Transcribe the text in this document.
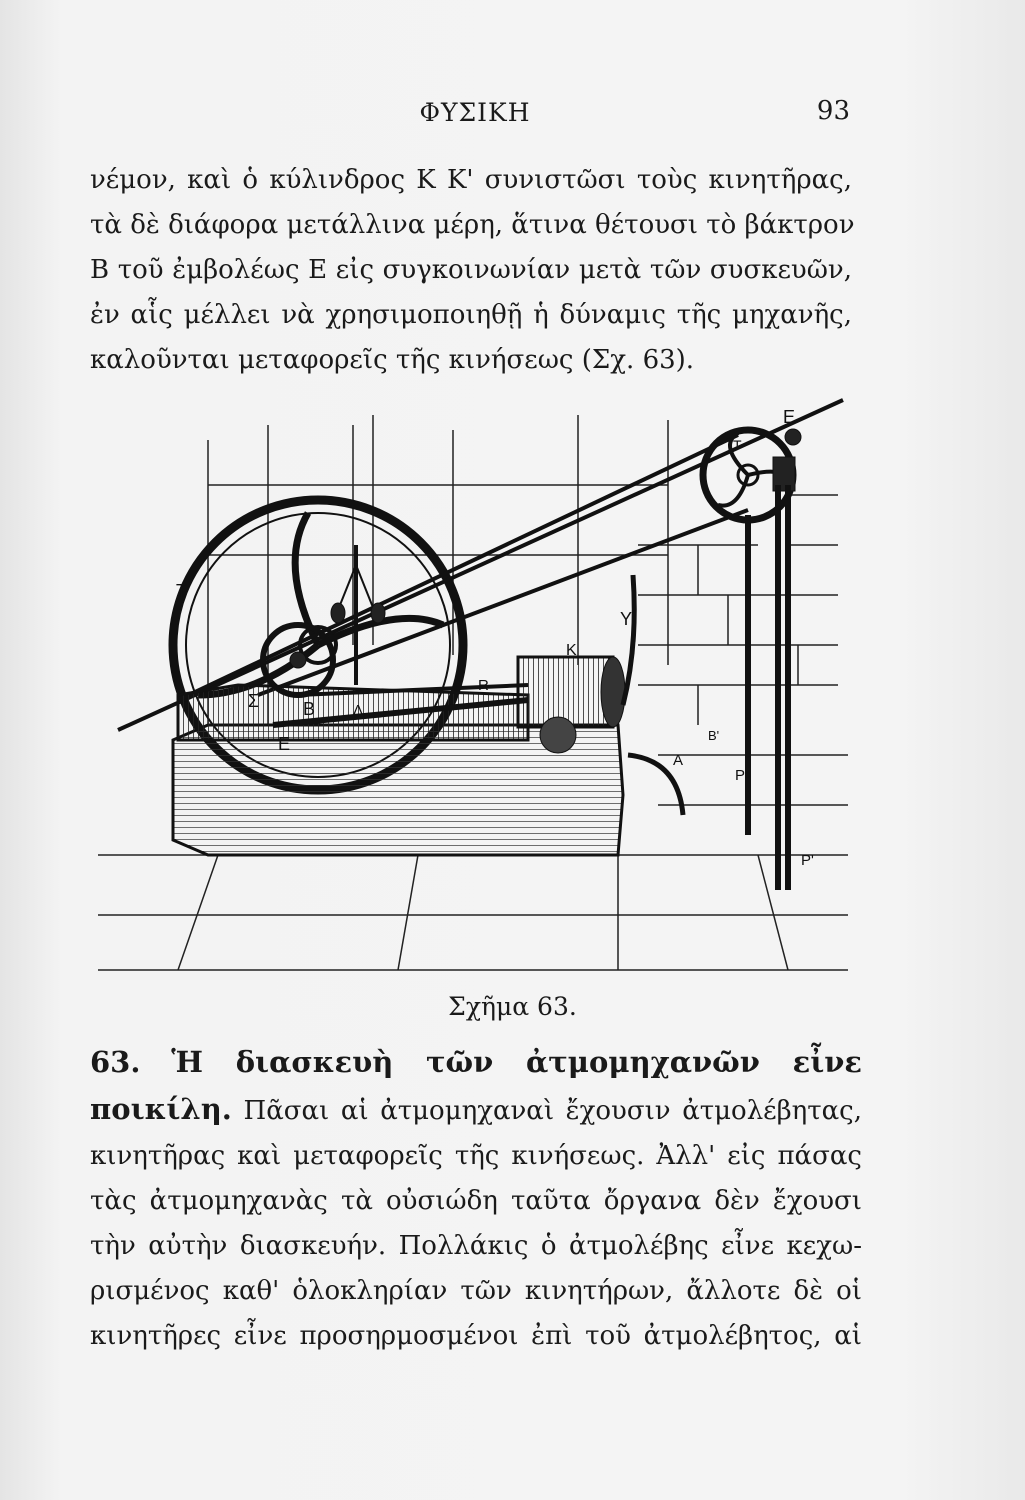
ΦΥΣΙΚΗ	93
νέμον, καὶ ὁ κύλινδρος Κ Κ' συνιστῶσι τοὺς κινητῆρας,
τὰ δὲ διάφορα μετάλλινα μέρη, ἅτινα θέτουσι τὸ βάκτρον
Β τοῦ ἐμβολέως Ε εἰς συγκοινωνίαν μετὰ τῶν συσκευῶν,
ἐν αἷς μέλλει νὰ χρησιμοποιηθῇ ἡ δύναμις τῆς μηχανῆς,
καλοῦνται μεταφορεῖς τῆς κινήσεως (Σχ. 63).
E
T
T
Y
K
Σ B	Δ
E
R
A
P
P'
B'
Σχῆμα 63.
63. Ἡ διασκευὴ τῶν ἀτμομηχανῶν εἶνε
ποικίλη. Πᾶσαι αἱ ἀτμομηχαναὶ ἔχουσιν ἀτμολέβητας,
κινητῆρας καὶ μεταφορεῖς τῆς κινήσεως. Ἀλλ' εἰς πάσας
τὰς ἀτμομηχανὰς τὰ οὐσιώδη ταῦτα ὄργανα δὲν ἔχουσι
τὴν αὐτὴν διασκευήν. Πολλάκις ὁ ἀτμολέβης εἶνε κεχω-
ρισμένος καθ' ὁλοκληρίαν τῶν κινητήρων, ἄλλοτε δὲ οἱ
κινητῆρες εἶνε προσηρμοσμένοι ἐπὶ τοῦ ἀτμολέβητος, αἱ
